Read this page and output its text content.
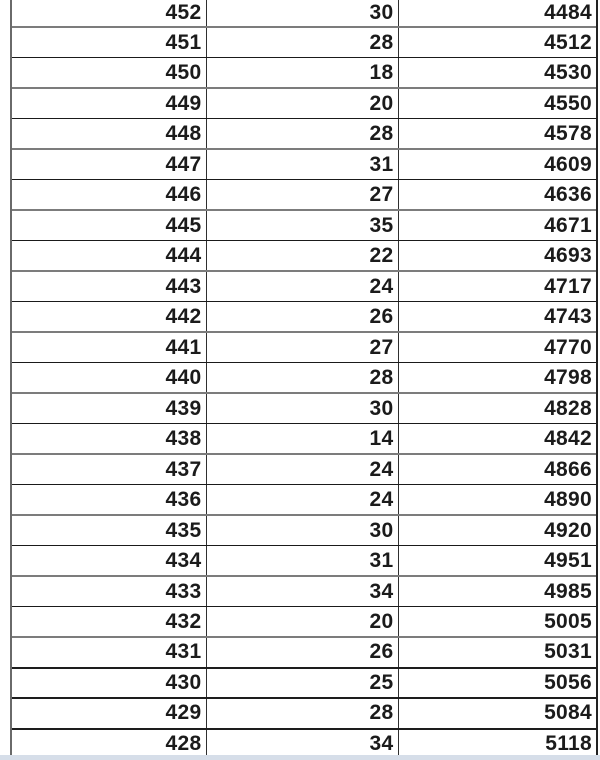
452	30	4484
451	28	4512
450	18	4530
449	20	4550
448	28	4578
447	31	4609
446	27	4636
445	35	4671
444	22	4693
443	24	4717
442	26	4743
441	27	4770
440	28	4798
439	30	4828
438	14	4842
437	24	4866
436	24	4890
435	30	4920
434	31	4951
433	34	4985
432	20	5005
431	26	5031
430	25	5056
429	28	5084
428	34	5118
